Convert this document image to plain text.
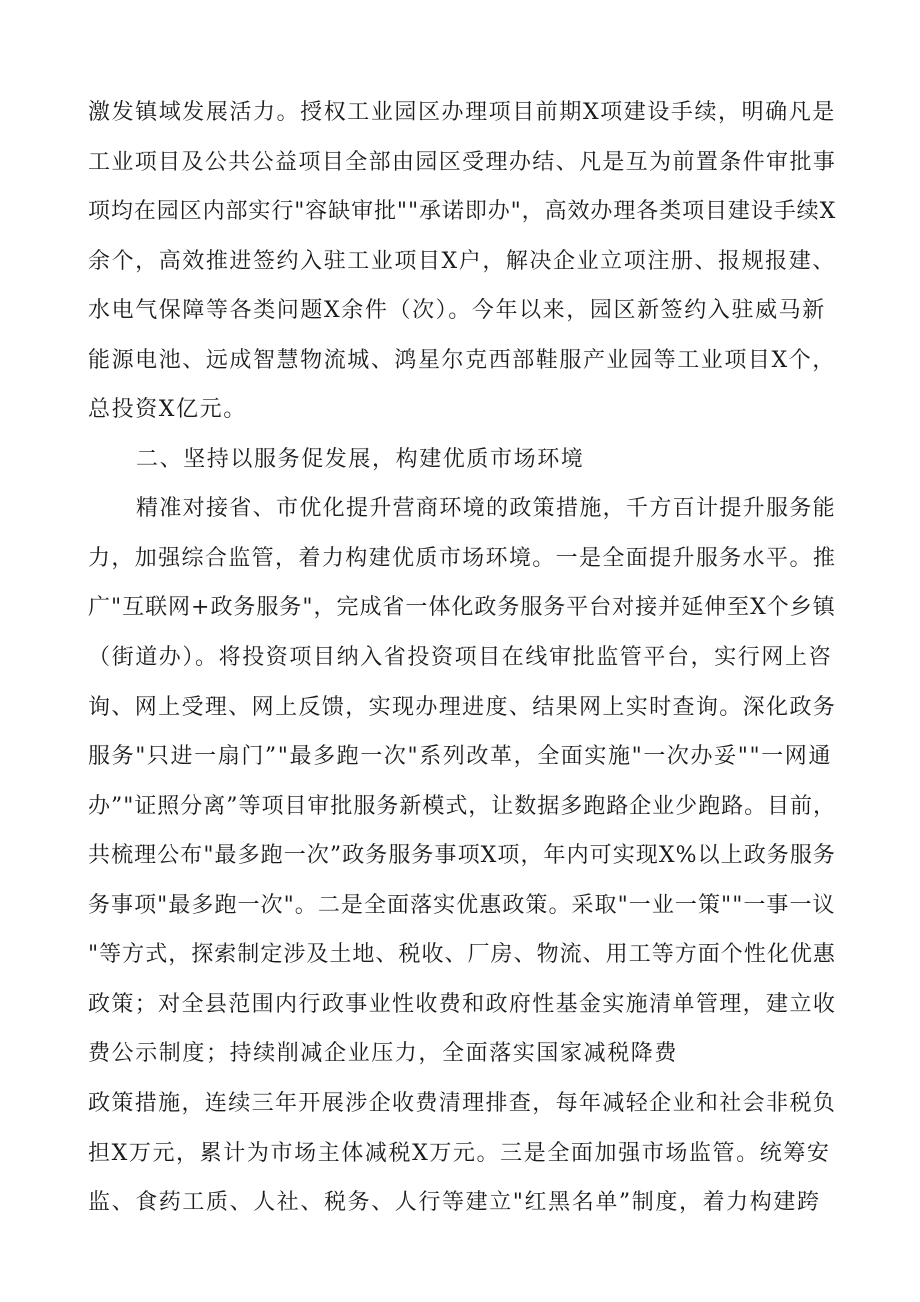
激发镇域发展活力。授权工业园区办理项目前期X项建设手续，明确凡是
工业项目及公共公益项目全部由园区受理办结、凡是互为前置条件审批事
项均在园区内部实行"容缺审批""承诺即办"，高效办理各类项目建设手续X
余个，高效推进签约入驻工业项目X户，解决企业立项注册、报规报建、
水电气保障等各类问题X余件（次）。今年以来，园区新签约入驻威马新
能源电池、远成智慧物流城、鸿星尔克西部鞋服产业园等工业项目X个，
总投资X亿元。
二、坚持以服务促发展，构建优质市场环境
精准对接省、市优化提升营商环境的政策措施，千方百计提升服务能
力，加强综合监管，着力构建优质市场环境。一是全面提升服务水平。推
广"互联网+政务服务"，完成省一体化政务服务平台对接并延伸至X个乡镇
（街道办）。将投资项目纳入省投资项目在线审批监管平台，实行网上咨
询、网上受理、网上反馈，实现办理进度、结果网上实时查询。深化政务
服务"只进一扇门”"最多跑一次"系列改革，全面实施"一次办妥""一网通
办”"证照分离”等项目审批服务新模式，让数据多跑路企业少跑路。目前，
共梳理公布"最多跑一次”政务服务事项X项，年内可实现X%以上政务服务
务事项"最多跑一次"。二是全面落实优惠政策。采取"一业一策""一事一议
"等方式，探索制定涉及土地、税收、厂房、物流、用工等方面个性化优惠
政策；对全县范围内行政事业性收费和政府性基金实施清单管理，建立收
费公示制度；持续削减企业压力，全面落实国家减税降费
政策措施，连续三年开展涉企收费清理排查，每年减轻企业和社会非税负
担X万元，累计为市场主体减税X万元。三是全面加强市场监管。统筹安
监、食药工质、人社、税务、人行等建立"红黑名单”制度，着力构建跨
